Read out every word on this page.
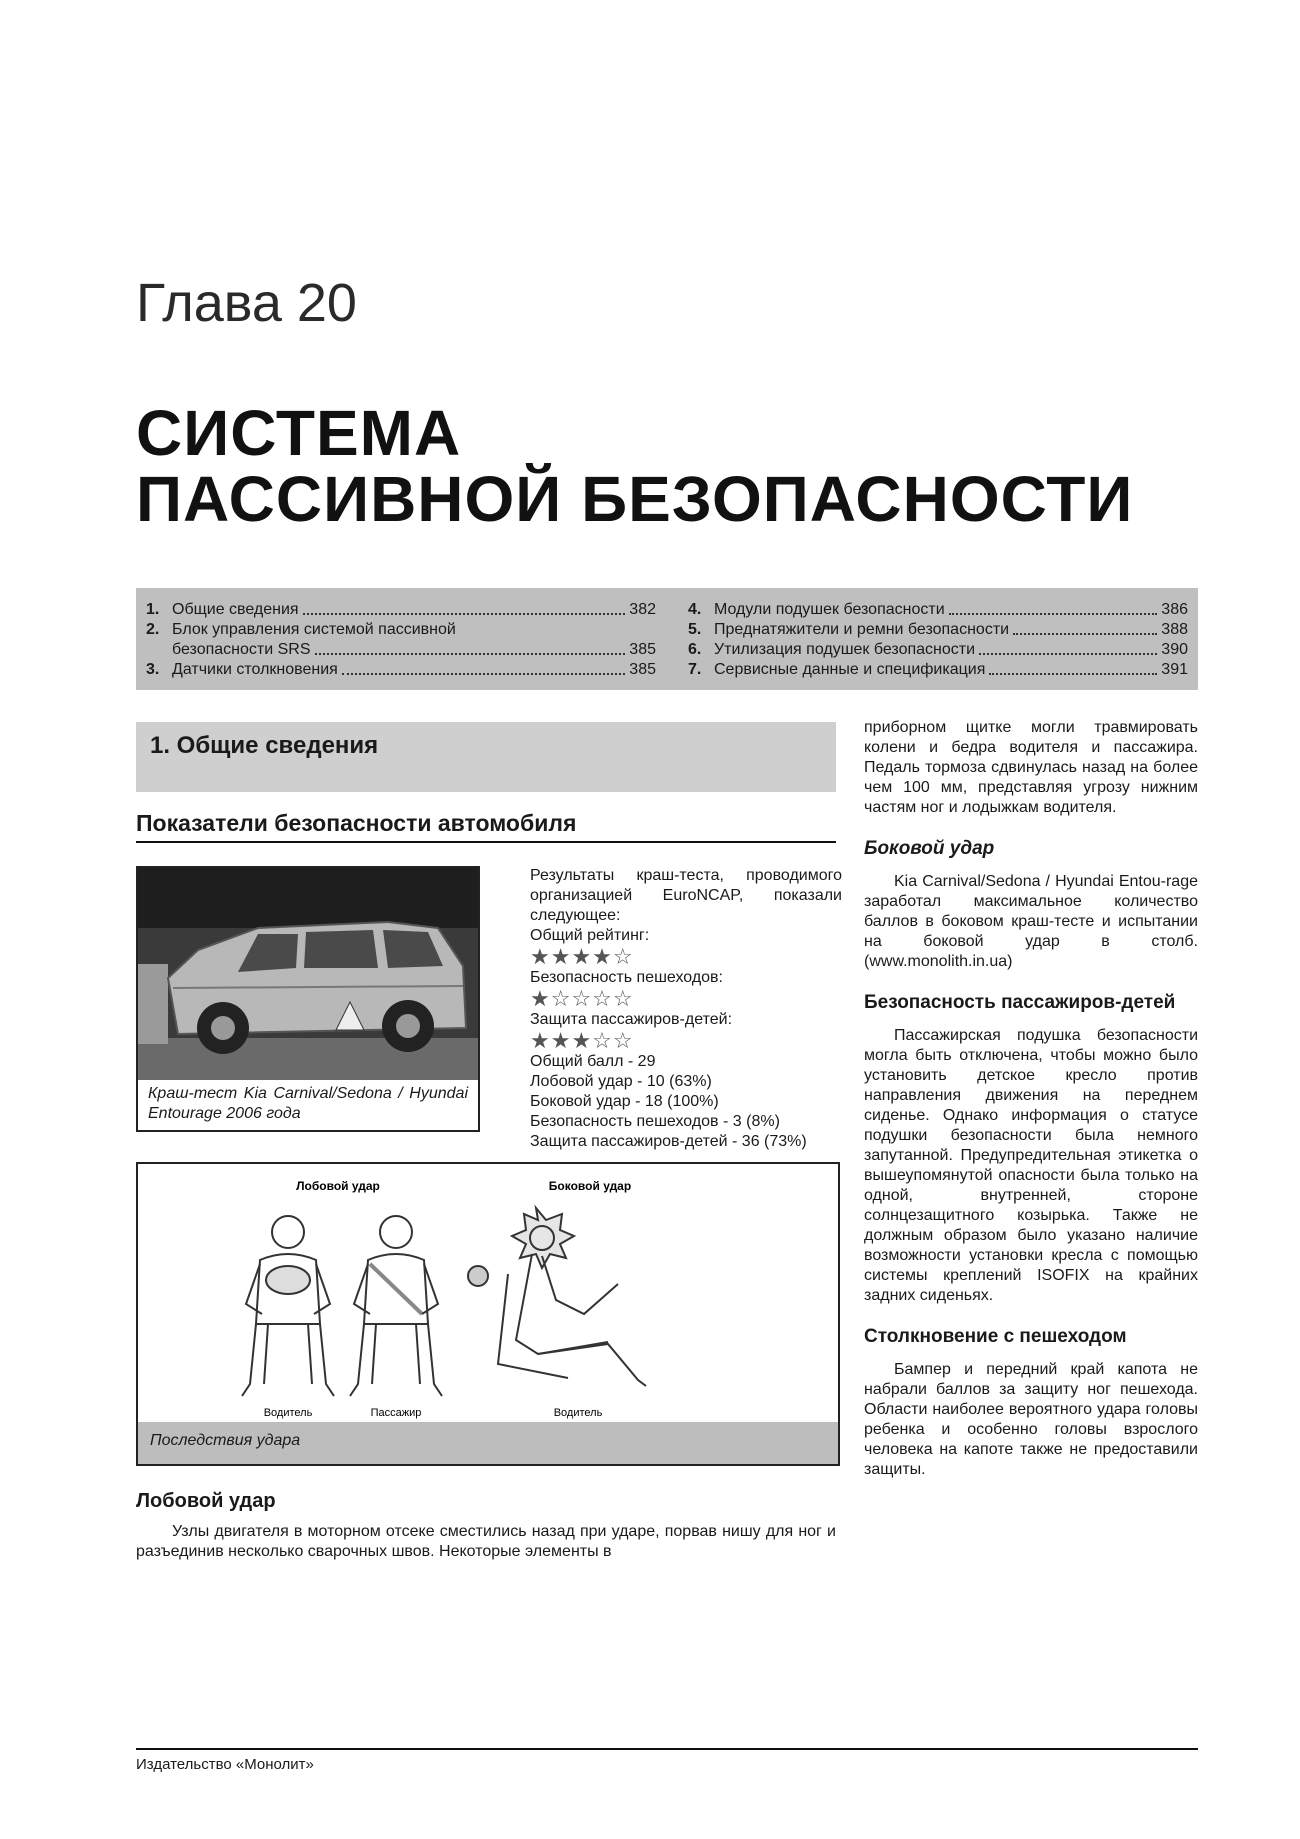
Глава 20
СИСТЕМА
ПАССИВНОЙ БЕЗОПАСНОСТИ
1. Общие сведения	382
2. Блок управления системой пассивной
безопасности SRS	385
3. Датчики столкновения	385
4. Модули подушек безопасности	386
5. Преднатяжители и ремни безопасности	388
6. Утилизация подушек безопасности	390
7. Сервисные данные и спецификация	391
1. Общие сведения
Показатели безопасности автомобиля
Краш-тест Kia Carnival/Sedona / Hyundai Entourage 2006 года
Результаты краш-теста, проводимого организацией EuroNCAP, показали следующее:
Общий рейтинг:
★★★★☆
Безопасность пешеходов:
★☆☆☆☆
Защита пассажиров-детей:
★★★☆☆
Общий балл - 29
Лобовой удар - 10 (63%)
Боковой удар - 18 (100%)
Безопасность пешеходов - 3 (8%)
Защита пассажиров-детей - 36 (73%)
Лобовой удар	Боковой удар
Водитель	Пассажир	Водитель
Последствия удара
Лобовой удар
Узлы двигателя в моторном отсеке сместились назад при ударе, порвав нишу для ног и разъединив несколько сварочных швов. Некоторые элементы в

приборном щитке могли травмировать колени и бедра водителя и пассажира. Педаль тормоза сдвинулась назад на более чем 100 мм, представляя угрозу нижним частям ног и лодыжкам водителя.

Боковой удар

Kia Carnival/Sedona / Hyundai Entou-rage заработал максимальное количество баллов в боковом краш-тесте и испытании на боковой удар в столб. (www.monolith.in.ua)

Безопасность пассажиров-детей

Пассажирская подушка безопасности могла быть отключена, чтобы можно было установить детское кресло против направления движения на переднем сиденье. Однако информация о статусе подушки безопасности была немного запутанной. Предупредительная этикетка о вышеупомянутой опасности была только на одной, внутренней, стороне солнцезащитного козырька. Также не должным образом было указано наличие возможности установки кресла с помощью системы креплений ISOFIX на крайних задних сиденьях.

Столкновение с пешеходом

Бампер и передний край капота не набрали баллов за защиту ног пешехода. Области наиболее вероятного удара головы ребенка и особенно головы взрослого человека на капоте также не предоставили защиты.

Издательство «Монолит»
